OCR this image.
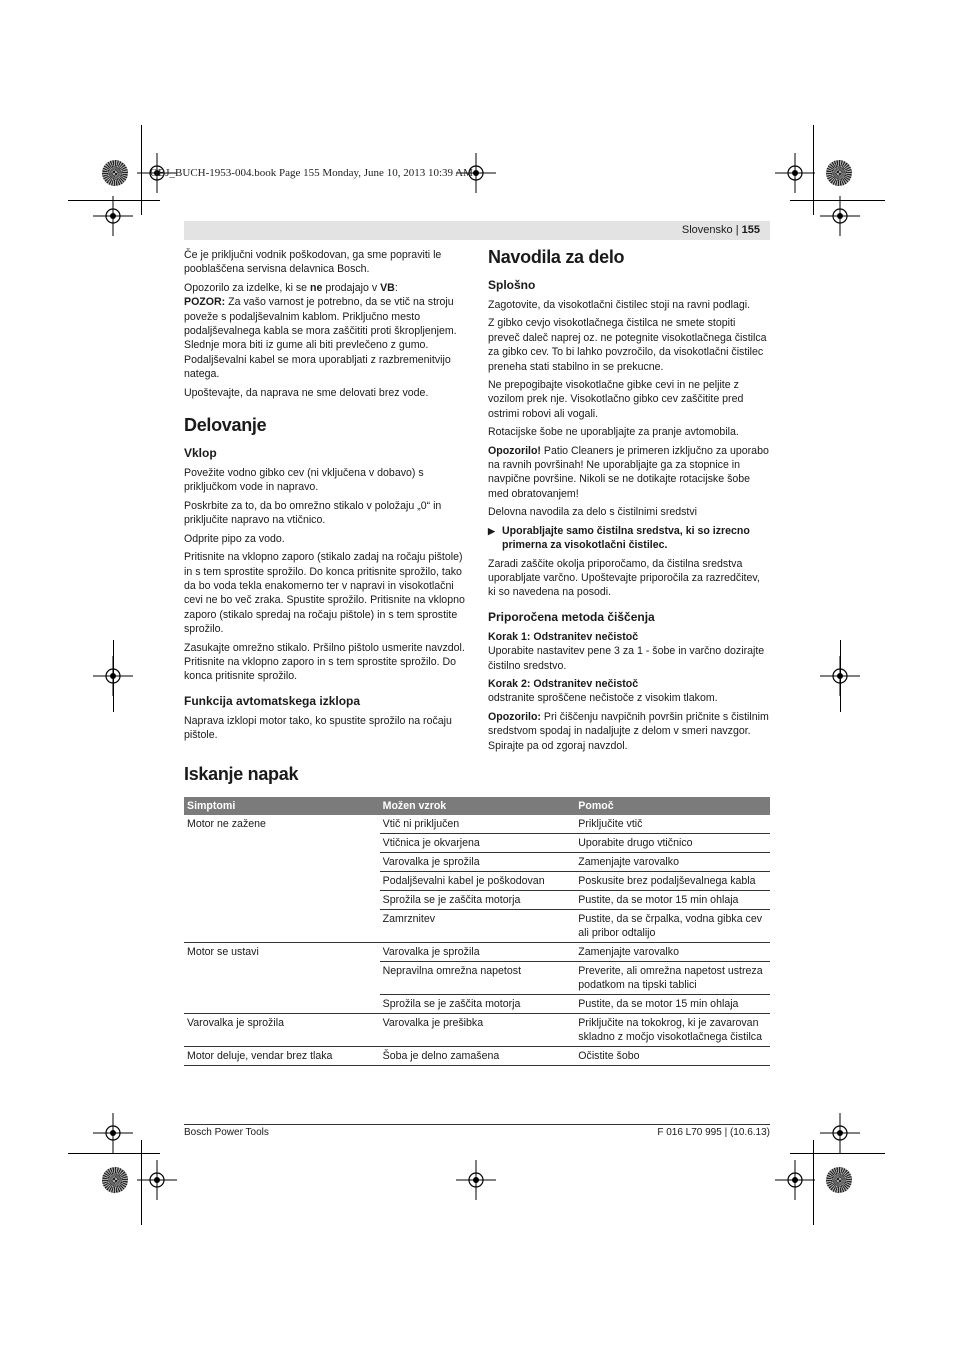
OBJ_BUCH-1953-004.book Page 155 Monday, June 10, 2013 10:39 AM
Slovensko | 155

Če je priključni vodnik poškodovan, ga sme popraviti le pooblaščena servisna delavnica Bosch.

Opozorilo za izdelke, ki se ne prodajajo v VB:
POZOR: Za vašo varnost je potrebno, da se vtič na stroju poveže s podaljševalnim kablom. Priključno mesto podaljševalnega kabla se mora zaščititi proti škropljenjem. Slednje mora biti iz gume ali biti prevlečeno z gumo. Podaljševalni kabel se mora uporabljati z razbremenitvijo natega.

Upoštevajte, da naprava ne sme delovati brez vode.

Delovanje
Vklop

Povežite vodno gibko cev (ni vključena v dobavo) s priključkom vode in napravo.

Poskrbite za to, da bo omrežno stikalo v položaju „0“ in priključite napravo na vtičnico.

Odprite pipo za vodo.

Pritisnite na vklopno zaporo (stikalo zadaj na ročaju pištole) in s tem sprostite sprožilo. Do konca pritisnite sprožilo, tako da bo voda tekla enakomerno ter v napravi in visokotlačni cevi ne bo več zraka. Spustite sprožilo. Pritisnite na vklopno zaporo (stikalo spredaj na ročaju pištole) in s tem sprostite sprožilo.

Zasukajte omrežno stikalo. Pršilno pištolo usmerite navzdol. Pritisnite na vklopno zaporo in s tem sprostite sprožilo. Do konca pritisnite sprožilo.

Funkcija avtomatskega izklopa

Naprava izklopi motor tako, ko spustite sprožilo na ročaju pištole.

Navodila za delo
Splošno

Zagotovite, da visokotlačni čistilec stoji na ravni podlagi.

Z gibko cevjo visokotlačnega čistilca ne smete stopiti preveč daleč naprej oz. ne potegnite visokotlačnega čistilca za gibko cev. To bi lahko povzročilo, da visokotlačni čistilec preneha stati stabilno in se prekucne.

Ne prepogibajte visokotlačne gibke cevi in ne peljite z vozilom prek nje. Visokotlačno gibko cev zaščitite pred ostrimi robovi ali vogali.

Rotacijske šobe ne uporabljajte za pranje avtomobila.

Opozorilo! Patio Cleaners je primeren izključno za uporabo na ravnih površinah! Ne uporabljajte ga za stopnice in navpične površine. Nikoli se ne dotikajte rotacijske šobe med obratovanjem!

Delovna navodila za delo s čistilnimi sredstvi

▶ Uporabljajte samo čistilna sredstva, ki so izrecno primerna za visokotlačni čistilec.

Zaradi zaščite okolja priporočamo, da čistilna sredstva uporabljate varčno. Upoštevajte priporočila za razredčitev, ki so navedena na posodi.

Priporočena metoda čiščenja
Korak 1: Odstranitev nečistoč

Uporabite nastavitev pene 3 za 1 - šobe in varčno dozirajte čistilno sredstvo.

Korak 2: Odstranitev nečistoč

odstranite sproščene nečistoče z visokim tlakom.

Opozorilo: Pri čiščenju navpičnih površin pričnite s čistilnim sredstvom spodaj in nadaljujte z delom v smeri navzgor. Spirajte pa od zgoraj navzdol.

Iskanje napak
Simptomi	Možen vzrok	Pomoč
Motor ne zažene	Vtič ni priključen	Priključite vtič
	Vtičnica je okvarjena	Uporabite drugo vtičnico
	Varovalka je sprožila	Zamenjajte varovalko
	Podaljševalni kabel je poškodovan	Poskusite brez podaljševalnega kabla
	Sprožila se je zaščita motorja	Pustite, da se motor 15 min ohlaja
	Zamrznitev	Pustite, da se črpalka, vodna gibka cev ali pribor odtalijo
Motor se ustavi	Varovalka je sprožila	Zamenjajte varovalko
	Nepravilna omrežna napetost	Preverite, ali omrežna napetost ustreza podatkom na tipski tablici
	Sprožila se je zaščita motorja	Pustite, da se motor 15 min ohlaja
Varovalka je sprožila	Varovalka je prešibka	Priključite na tokokrog, ki je zavarovan skladno z močjo visokotlačnega čistilca
Motor deluje, vendar brez tlaka	Šoba je delno zamašena	Očistite šobo
Bosch Power Tools	F 016 L70 995 | (10.6.13)
